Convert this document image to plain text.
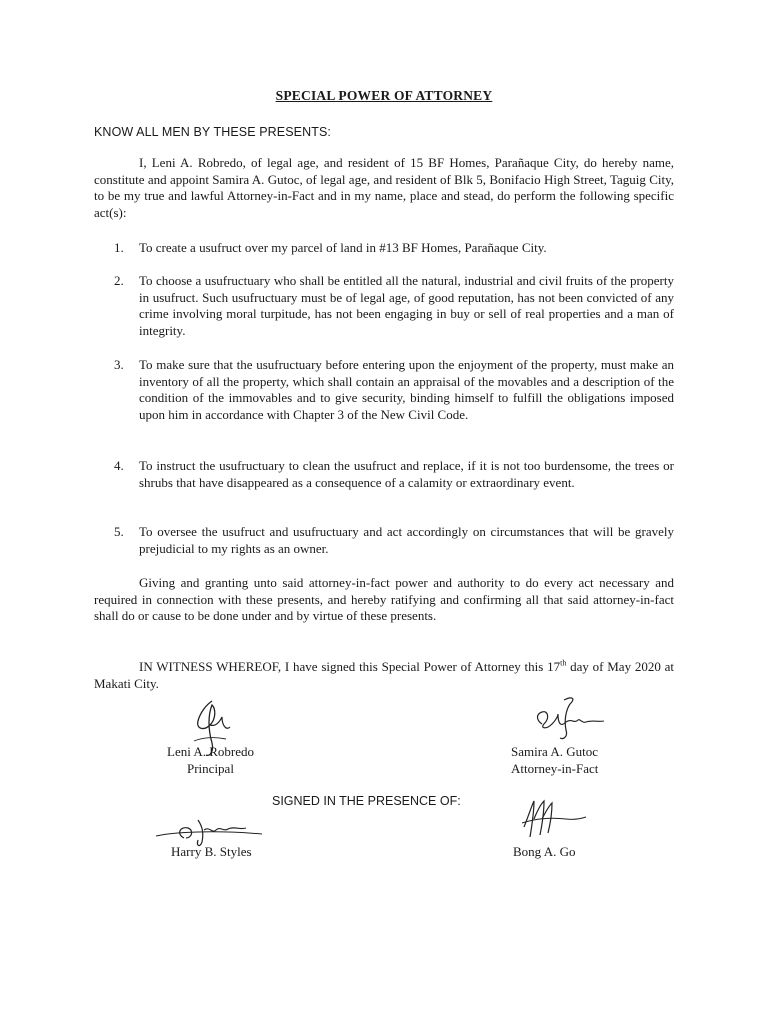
SPECIAL POWER OF ATTORNEY
KNOW ALL MEN BY THESE PRESENTS:

I, Leni A. Robredo, of legal age, and resident of 15 BF Homes, Parañaque City, do hereby name, constitute and appoint Samira A. Gutoc, of legal age, and resident of Blk 5, Bonifacio High Street, Taguig City, to be my true and lawful Attorney-in-Fact and in my name, place and stead, do perform the following specific act(s):

1. To create a usufruct over my parcel of land in #13 BF Homes, Parañaque City.
2. To choose a usufructuary who shall be entitled all the natural, industrial and civil fruits of the property in usufruct. Such usufructuary must be of legal age, of good reputation, has not been convicted of any crime involving moral turpitude, has not been engaging in buy or sell of real properties and a man of integrity.
3. To make sure that the usufructuary before entering upon the enjoyment of the property, must make an inventory of all the property, which shall contain an appraisal of the movables and a description of the condition of the immovables and to give security, binding himself to fulfill the obligations imposed upon him in accordance with Chapter 3 of the New Civil Code.
4. To instruct the usufructuary to clean the usufruct and replace, if it is not too burdensome, the trees or shrubs that have disappeared as a consequence of a calamity or extraordinary event.
5. To oversee the usufruct and usufructuary and act accordingly on circumstances that will be gravely prejudicial to my rights as an owner.

Giving and granting unto said attorney-in-fact power and authority to do every act necessary and required in connection with these presents, and hereby ratifying and confirming all that said attorney-in-fact shall do or cause to be done under and by virtue of these presents.

IN WITNESS WHEREOF, I have signed this Special Power of Attorney this 17th day of May 2020 at Makati City.

Leni A. Robredo
Principal
Samira A. Gutoc
Attorney-in-Fact
SIGNED IN THE PRESENCE OF:
Harry B. Styles	Bong A. Go
